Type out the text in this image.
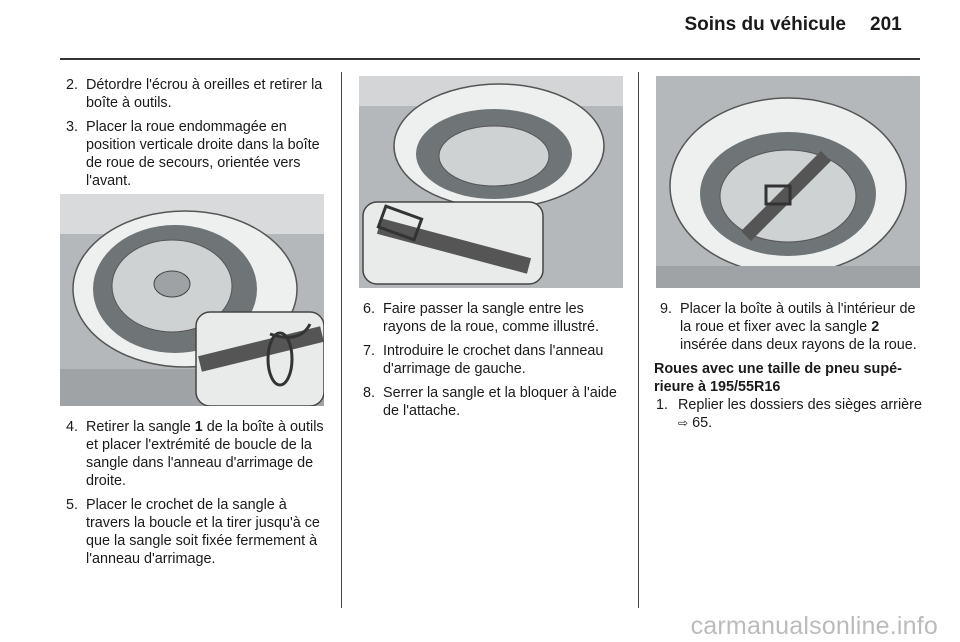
Soins du véhicule 201
2. Détordre l'écrou à oreilles et retirer la boîte à outils.
3. Placer la roue endommagée en position verticale droite dans la boîte de roue de secours, orientée vers l'avant.
4. Retirer la sangle 1 de la boîte à outils et placer l'extrémité de boucle de la sangle dans l'anneau d'arrimage de droite.
5. Placer le crochet de la sangle à travers la boucle et la tirer jusqu'à ce que la sangle soit fixée fermement à l'anneau d'arrimage.
6. Faire passer la sangle entre les rayons de la roue, comme illustré.
7. Introduire le crochet dans l'anneau d'arrimage de gauche.
8. Serrer la sangle et la bloquer à l'aide de l'attache.
9. Placer la boîte à outils à l'intérieur de la roue et fixer avec la sangle 2 insérée dans deux rayons de la roue.
Roues avec une taille de pneu supérieure à 195/55R16
1. Replier les dossiers des sièges arrière ⇨ 65.
carmanualsonline.info
